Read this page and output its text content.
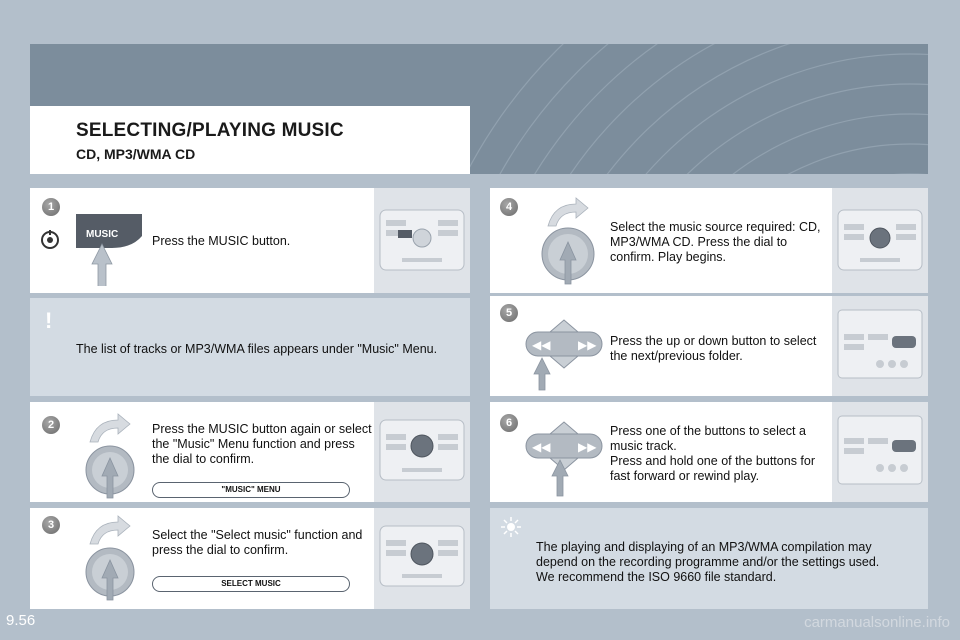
SELECTING/PLAYING MUSIC
CD, MP3/WMA CD
1
MUSIC	Press the MUSIC button.
!
The list of tracks or MP3/WMA files appears under "Music" Menu.
2	Press the MUSIC button again or select the "Music" Menu function and press the dial to confirm.
"MUSIC" MENU
3
Select the "Select music" function and press the dial to confirm.
SELECT MUSIC
4
Select the music source required: CD, MP3/WMA CD. Press the dial to confirm. Play begins.
5
◀◀ ▶▶ Press the up or down button to select the next/previous folder.
6
◀◀ ▶▶
Press one of the buttons to select a music track.
Press and hold one of the buttons for fast forward or rewind play.
The playing and displaying of an MP3/WMA compilation may depend on the recording programme and/or the settings used. We recommend the ISO 9660 file standard.
9.56	carmanualsonline.info
